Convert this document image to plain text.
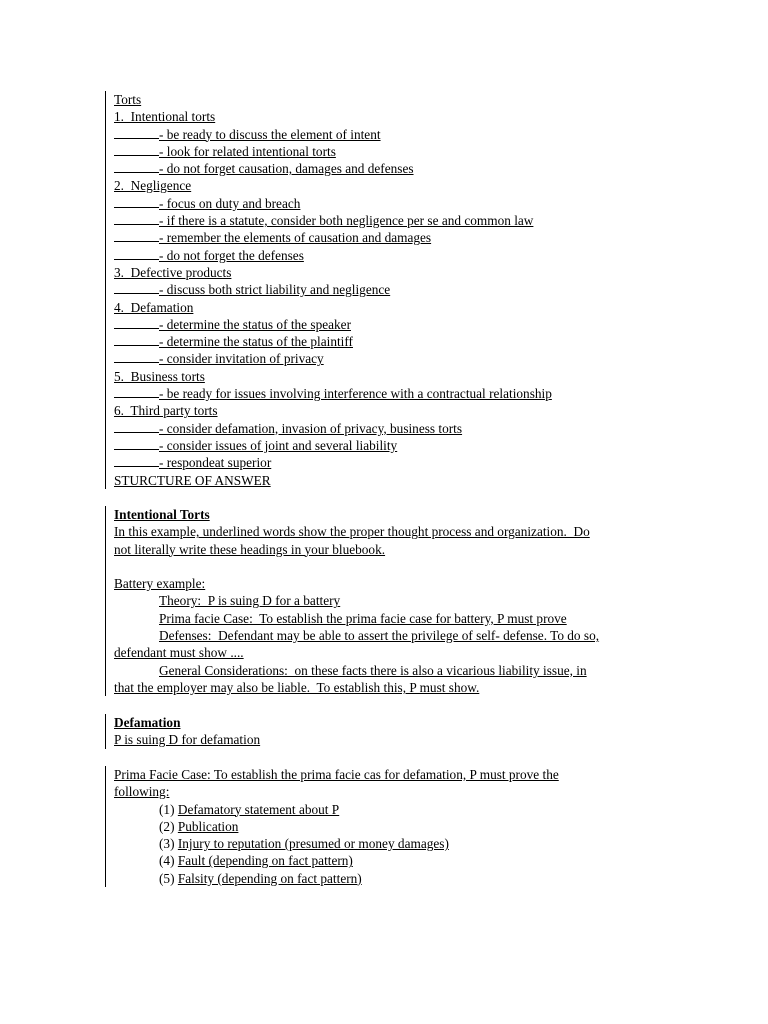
Torts
1.  Intentional torts
- be ready to discuss the element of intent
- look for related intentional torts
- do not forget causation, damages and defenses
2.  Negligence
- focus on duty and breach
- if there is a statute, consider both negligence per se and common law
- remember the elements of causation and damages
- do not forget the defenses
3.  Defective products
- discuss both strict liability and negligence
4.  Defamation
- determine the status of the speaker
- determine the status of the plaintiff
- consider invitation of privacy
5.  Business torts
- be ready for issues involving interference with a contractual relationship
6.  Third party torts
- consider defamation, invasion of privacy, business torts
- consider issues of joint and several liability
- respondeat superior
STURCTURE OF ANSWER
Intentional Torts
In this example, underlined words show the proper thought process and organization.  Do
not literally write these headings in your bluebook.
Battery example:
Theory:  P is suing D for a battery
Prima facie Case:  To establish the prima facie case for battery, P must prove
Defenses:  Defendant may be able to assert the privilege of self- defense. To do so,
defendant must show ....
General Considerations:  on these facts there is also a vicarious liability issue, in
that the employer may also be liable.  To establish this, P must show.
Defamation
P is suing D for defamation
Prima Facie Case: To establish the prima facie cas for defamation, P must prove the
following:
(1) Defamatory statement about P
(2) Publication
(3) Injury to reputation (presumed or money damages)
(4) Fault (depending on fact pattern)
(5) Falsity (depending on fact pattern)
